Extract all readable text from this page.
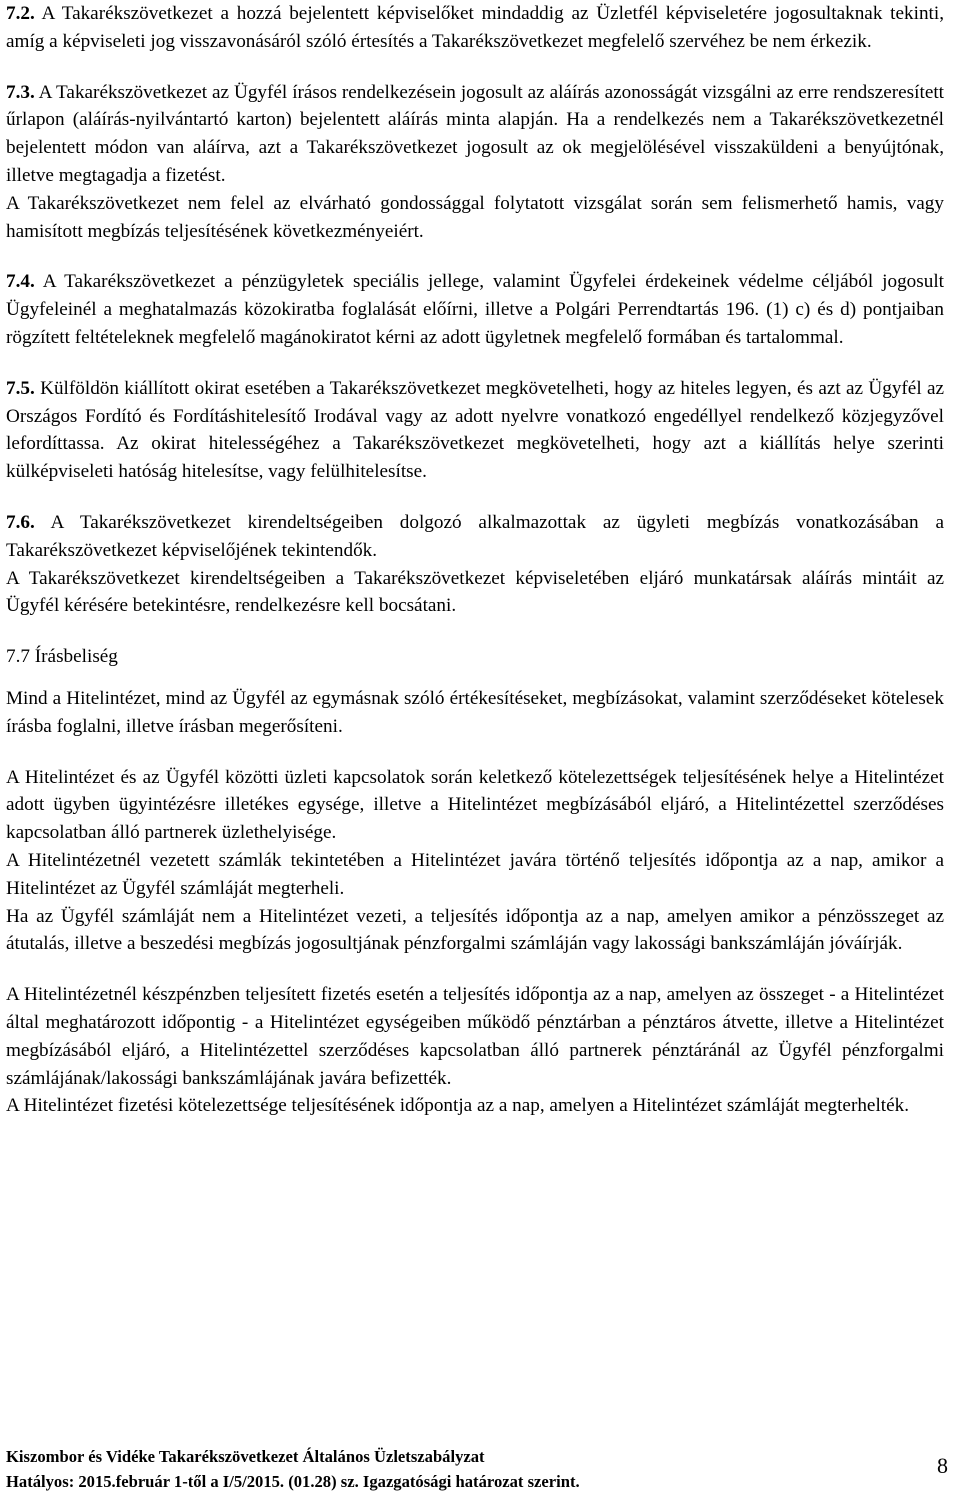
7.2. A Takarékszövetkezet a hozzá bejelentett képviselőket mindaddig az Üzletfél képviseletére jogosultaknak tekinti, amíg a képviseleti jog visszavonásáról szóló értesítés a Takarékszövetkezet megfelelő szervéhez be nem érkezik.

7.3. A Takarékszövetkezet az Ügyfél írásos rendelkezésein jogosult az aláírás azonosságát vizsgálni az erre rendszeresített űrlapon (aláírás-nyilvántartó karton) bejelentett aláírás minta alapján. Ha a rendelkezés nem a Takarékszövetkezetnél bejelentett módon van aláírva, azt a Takarékszövetkezet jogosult az ok megjelölésével visszaküldeni a benyújtónak, illetve megtagadja a fizetést.

A Takarékszövetkezet nem felel az elvárható gondossággal folytatott vizsgálat során sem felismerhető hamis, vagy hamisított megbízás teljesítésének következményeiért.

7.4. A Takarékszövetkezet a pénzügyletek speciális jellege, valamint Ügyfelei érdekeinek védelme céljából jogosult Ügyfeleinél a meghatalmazás közokiratba foglalását előírni, illetve a Polgári Perrendtartás 196. (1) c) és d) pontjaiban rögzített feltételeknek megfelelő magánokiratot kérni az adott ügyletnek megfelelő formában és tartalommal.

7.5. Külföldön kiállított okirat esetében a Takarékszövetkezet megkövetelheti, hogy az hiteles legyen, és azt az Ügyfél az Országos Fordító és Fordításhitelesítő Irodával vagy az adott nyelvre vonatkozó engedéllyel rendelkező közjegyzővel lefordíttassa. Az okirat hitelességéhez a Takarékszövetkezet megkövetelheti, hogy azt a kiállítás helye szerinti külképviseleti hatóság hitelesítse, vagy felülhitelesítse.

7.6. A Takarékszövetkezet kirendeltségeiben dolgozó alkalmazottak az ügyleti megbízás vonatkozásában a Takarékszövetkezet képviselőjének tekintendők.

A Takarékszövetkezet kirendeltségeiben a Takarékszövetkezet képviseletében eljáró munkatársak aláírás mintáit az Ügyfél kérésére betekintésre, rendelkezésre kell bocsátani.

7.7 Írásbeliség

Mind a Hitelintézet, mind az Ügyfél az egymásnak szóló értékesítéseket, megbízásokat, valamint szerződéseket kötelesek írásba foglalni, illetve írásban megerősíteni.

A Hitelintézet és az Ügyfél közötti üzleti kapcsolatok során keletkező kötelezettségek teljesítésének helye a Hitelintézet adott ügyben ügyintézésre illetékes egysége, illetve a Hitelintézet megbízásából eljáró, a Hitelintézettel szerződéses kapcsolatban álló partnerek üzlethelyisége.

A Hitelintézetnél vezetett számlák tekintetében a Hitelintézet javára történő teljesítés időpontja az a nap, amikor a Hitelintézet az Ügyfél számláját megterheli.

Ha az Ügyfél számláját nem a Hitelintézet vezeti, a teljesítés időpontja az a nap, amelyen amikor a pénzösszeget az átutalás, illetve a beszedési megbízás jogosultjának pénzforgalmi számláján vagy lakossági bankszámláján jóváírják.

A Hitelintézetnél készpénzben teljesített fizetés esetén a teljesítés időpontja az a nap, amelyen az összeget - a Hitelintézet által meghatározott időpontig - a Hitelintézet egységeiben működő pénztárban a pénztáros átvette, illetve a Hitelintézet megbízásából eljáró, a Hitelintézettel szerződéses kapcsolatban álló partnerek pénztáránál az Ügyfél pénzforgalmi számlájának/lakossági bankszámlájának javára befizették.

A Hitelintézet fizetési kötelezettsége teljesítésének időpontja az a nap, amelyen a Hitelintézet számláját megterhelték.

Kiszombor és Vidéke Takarékszövetkezet Általános Üzletszabályzat
Hatályos: 2015.február 1-től a I/5/2015. (01.28) sz. Igazgatósági határozat szerint.
8
